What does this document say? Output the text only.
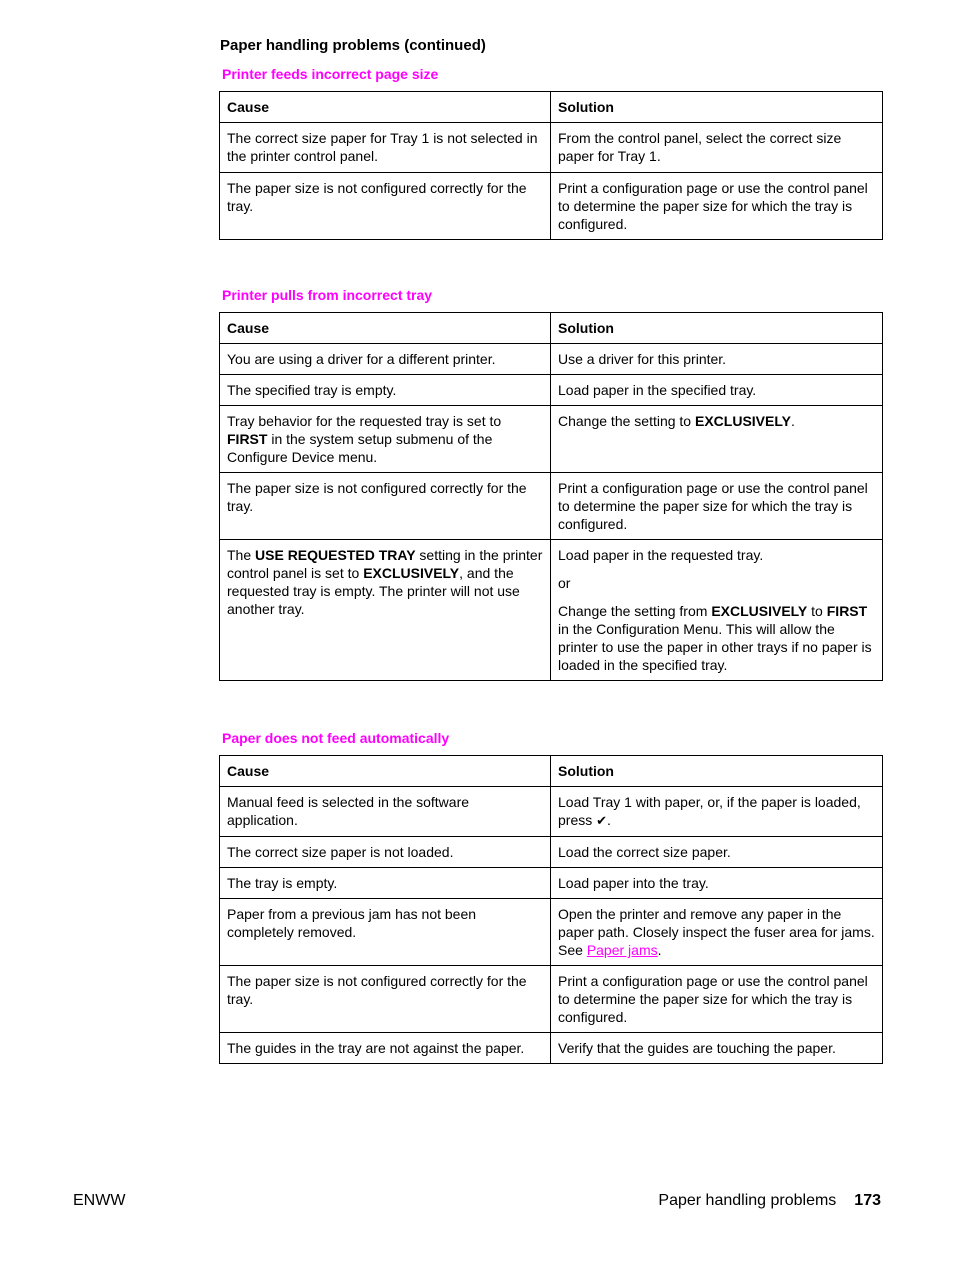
Paper handling problems (continued)
Printer feeds incorrect page size
Cause	Solution
The correct size paper for Tray 1 is not selected in the printer control panel.	From the control panel, select the correct size paper for Tray 1.
The paper size is not configured correctly for the tray.	Print a configuration page or use the control panel to determine the paper size for which the tray is configured.
Printer pulls from incorrect tray
Cause	Solution
You are using a driver for a different printer.	Use a driver for this printer.
The specified tray is empty.	Load paper in the specified tray.
Tray behavior for the requested tray is set to FIRST in the system setup submenu of the Configure Device menu.	Change the setting to EXCLUSIVELY.
The paper size is not configured correctly for the tray.	Print a configuration page or use the control panel to determine the paper size for which the tray is configured.
The USE REQUESTED TRAY setting in the printer control panel is set to EXCLUSIVELY, and the requested tray is empty. The printer will not use another tray.	Load paper in the requested tray.

or

Change the setting from EXCLUSIVELY to FIRST in the Configuration Menu. This will allow the printer to use the paper in other trays if no paper is loaded in the specified tray.

Paper does not feed automatically
Cause	Solution
Manual feed is selected in the software application.	Load Tray 1 with paper, or, if the paper is loaded, press ✔.
The correct size paper is not loaded.	Load the correct size paper.
The tray is empty.	Load paper into the tray.
Paper from a previous jam has not been completely removed.	Open the printer and remove any paper in the paper path. Closely inspect the fuser area for jams. See Paper jams.
The paper size is not configured correctly for the tray.	Print a configuration page or use the control panel to determine the paper size for which the tray is configured.
The guides in the tray are not against the paper.	Verify that the guides are touching the paper.
ENWW	Paper handling problems 173
